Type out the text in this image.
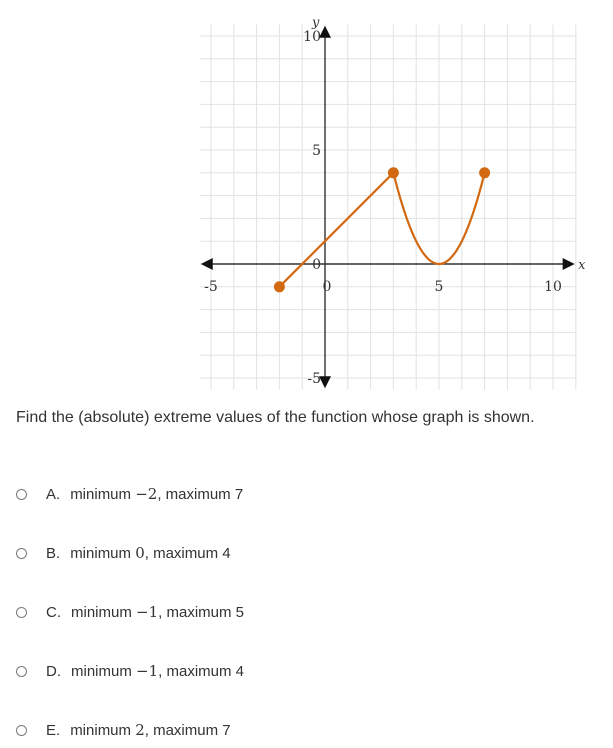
-5	0	5	10
10
5
0
-5
x
y
Find the (absolute) extreme values of the function whose graph is shown.
A. minimum −2, maximum 7
B. minimum 0, maximum 4
C. minimum −1, maximum 5
D. minimum −1, maximum 4
E. minimum 2, maximum 7
